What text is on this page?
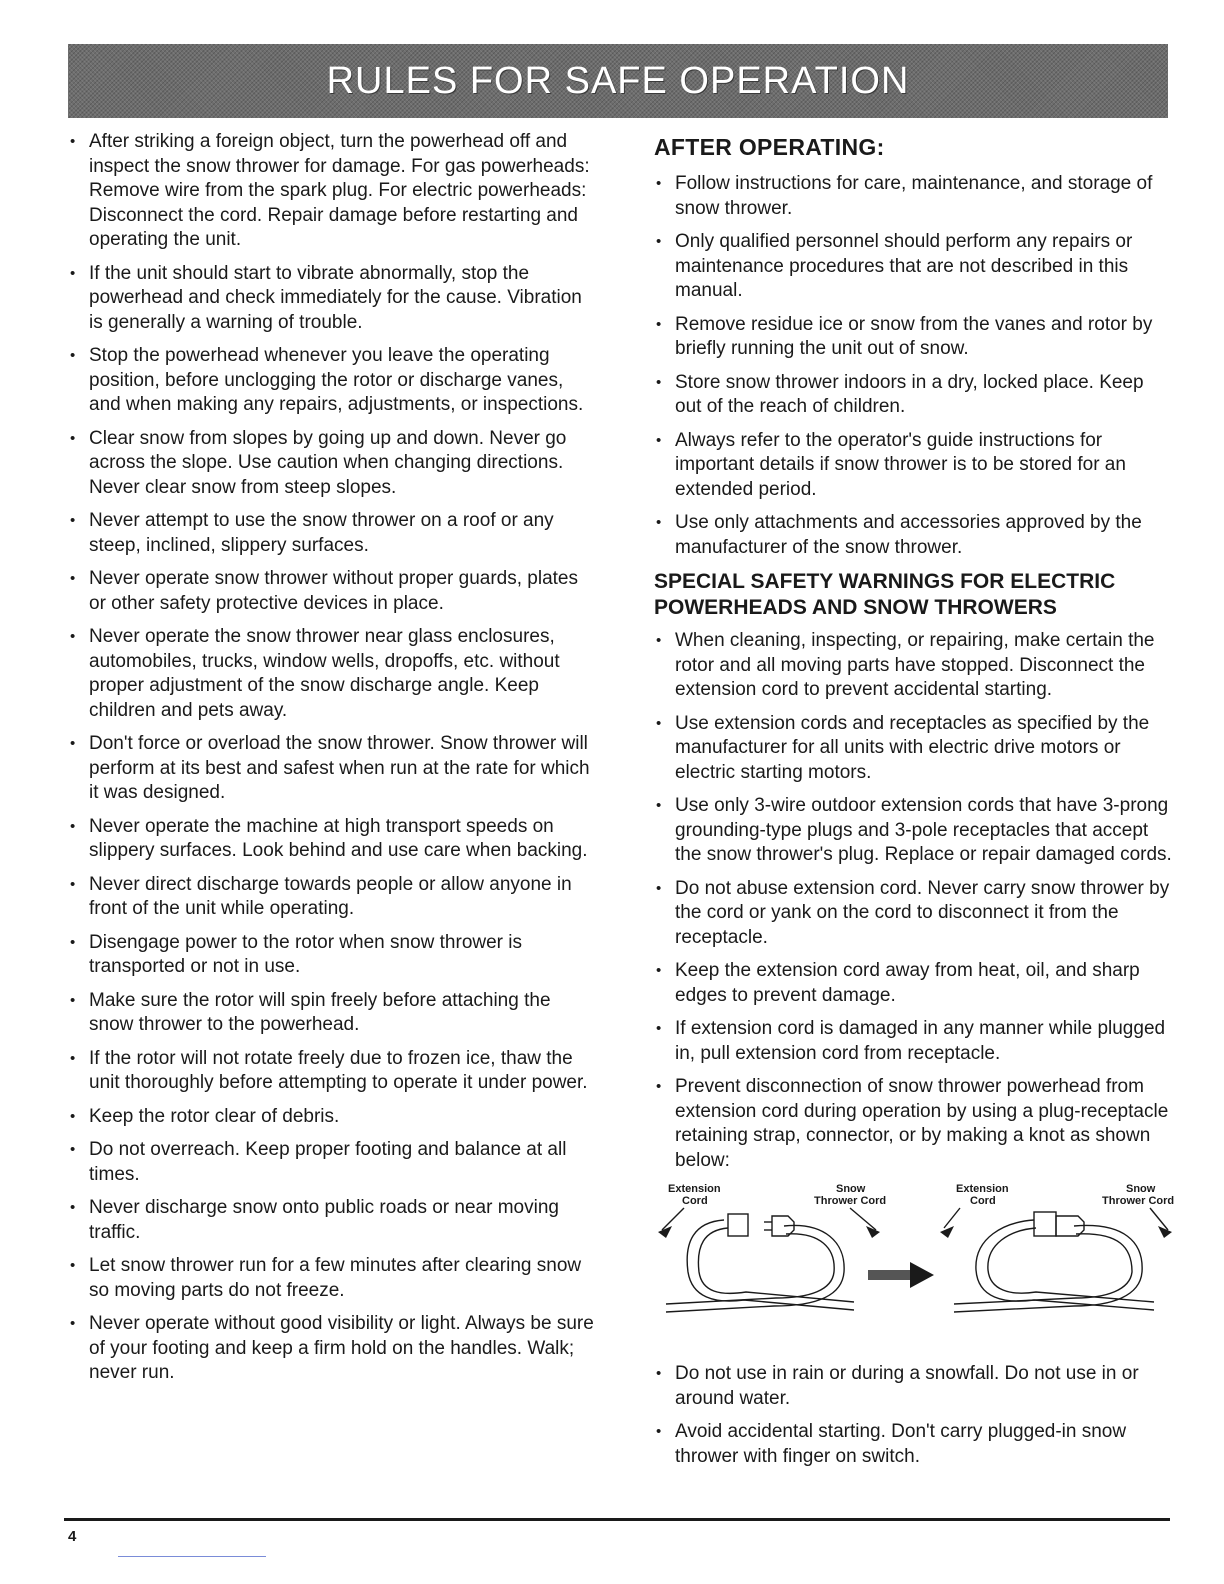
RULES FOR SAFE OPERATION
• After striking a foreign object, turn the powerhead off and inspect the snow thrower for damage. For gas powerheads: Remove wire from the spark plug. For electric powerheads: Disconnect the cord. Repair damage before restarting and operating the unit.
• If the unit should start to vibrate abnormally, stop the powerhead and check immediately for the cause. Vibration is generally a warning of trouble.
• Stop the powerhead whenever you leave the operating position, before unclogging the rotor or discharge vanes, and when making any repairs, adjustments, or inspections.
• Clear snow from slopes by going up and down. Never go across the slope. Use caution when changing directions. Never clear snow from steep slopes.
• Never attempt to use the snow thrower on a roof or any steep, inclined, slippery surfaces.
• Never operate snow thrower without proper guards, plates or other safety protective devices in place.
• Never operate the snow thrower near glass enclosures, automobiles, trucks, window wells, dropoffs, etc. without proper adjustment of the snow discharge angle. Keep children and pets away.
• Don't force or overload the snow thrower. Snow thrower will perform at its best and safest when run at the rate for which it was designed.
• Never operate the machine at high transport speeds on slippery surfaces. Look behind and use care when backing.
• Never direct discharge towards people or allow anyone in front of the unit while operating.
• Disengage power to the rotor when snow thrower is transported or not in use.
• Make sure the rotor will spin freely before attaching the snow thrower to the powerhead.
• If the rotor will not rotate freely due to frozen ice, thaw the unit thoroughly before attempting to operate it under power.
• Keep the rotor clear of debris.
• Do not overreach. Keep proper footing and balance at all times.
• Never discharge snow onto public roads or near moving traffic.
• Let snow thrower run for a few minutes after clearing snow so moving parts do not freeze.
• Never operate without good visibility or light. Always be sure of your footing and keep a firm hold on the handles. Walk; never run.
AFTER OPERATING:
• Follow instructions for care, maintenance, and storage of snow thrower.
• Only qualified personnel should perform any repairs or maintenance procedures that are not described in this manual.
• Remove residue ice or snow from the vanes and rotor by briefly running the unit out of snow.
• Store snow thrower indoors in a dry, locked place. Keep out of the reach of children.
• Always refer to the operator's guide instructions for important details if snow thrower is to be stored for an extended period.
• Use only attachments and accessories approved by the manufacturer of the snow thrower.
SPECIAL SAFETY WARNINGS FOR ELECTRIC
POWERHEADS AND SNOW THROWERS
• When cleaning, inspecting, or repairing, make certain the rotor and all moving parts have stopped. Disconnect the extension cord to prevent accidental starting.
• Use extension cords and receptacles as specified by the manufacturer for all units with electric drive motors or electric starting motors.
• Use only 3-wire outdoor extension cords that have 3-prong grounding-type plugs and 3-pole receptacles that accept the snow thrower's plug. Replace or repair damaged cords.
• Do not abuse extension cord. Never carry snow thrower by the cord or yank on the cord to disconnect it from the receptacle.
• Keep the extension cord away from heat, oil, and sharp edges to prevent damage.
• If extension cord is damaged in any manner while plugged in, pull extension cord from receptacle.
• Prevent disconnection of snow thrower powerhead from extension cord during operation by using a plug-receptacle retaining strap, connector, or by making a knot as shown below:
Extension
Cord
Snow
Thrower Cord
Extension
Cord
Snow
Thrower Cord
• Do not use in rain or during a snowfall. Do not use in or around water.
• Avoid accidental starting. Don't carry plugged-in snow thrower with finger on switch.
4
